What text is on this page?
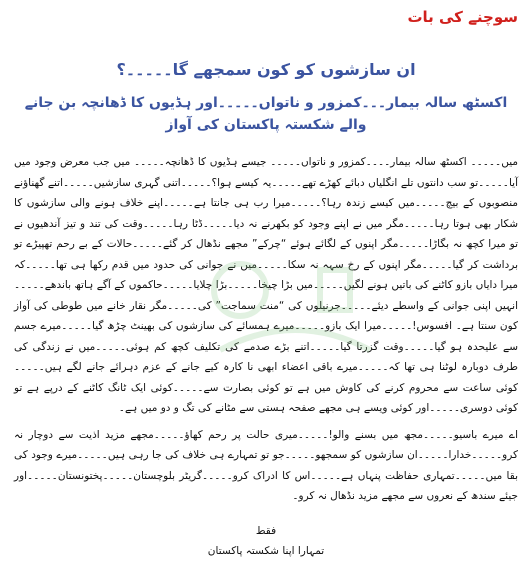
سوچنے کی بات
ان سازشوں کو کون سمجھے گا۔۔۔۔۔؟
اکسٹھ سالہ بیمار۔۔۔کمزور و ناتواں۔۔۔۔۔اور ہڈیوں کا ڈھانچہ بن جانے والے شکستہ پاکستان کی آواز
میں۔۔۔۔۔ اکسٹھ سالہ بیمار۔۔۔۔کمزور و ناتواں۔۔۔۔۔ جیسے ہڈیوں کا ڈھانچہ۔۔۔۔۔ میں جب معرض وجود میں آیا۔۔۔۔۔تو سب دانتوں تلے انگلیاں دبائے کھڑے تھے۔۔۔۔۔یہ کیسے ہوا؟۔۔۔۔۔اتنی گہری سازشیں۔۔۔۔۔اتنے گھناؤنے منصوبوں کے بیچ۔۔۔۔۔میں کیسے زندہ رہا؟۔۔۔۔۔میرا رب ہی جانتا ہے۔۔۔۔۔اپنے خلاف ہونے والی سازشوں کا شکار بھی ہوتا رہا۔۔۔۔۔مگر میں نے اپنے وجود کو بکھرنے نہ دیا۔۔۔۔۔ڈٹا رہا۔۔۔۔۔وقت کی تند و تیز آندھیوں نے تو میرا کچھ نہ بگاڑا۔۔۔۔۔مگر اپنوں کے لگائے ہوئے “چرکے” مجھے نڈھال کر گئے۔۔۔۔۔حالات کے بے رحم تھپیڑے تو برداشت کر گیا۔۔۔۔۔مگر اپنوں کے رخ سہہ نہ سکا۔۔۔۔۔میں نے جوانی کی حدود میں قدم رکھا ہی تھا۔۔۔۔۔کہ میرا دایاں بازو کاٹنے کی باتیں ہونے لگیں۔۔۔۔۔میں بڑا چیخا۔۔۔۔۔بڑا چلایا۔۔۔۔۔حاکموں کے آگے ہاتھ باندھے۔۔۔۔۔انہیں اپنی جوانی کے واسطے دیئے۔۔۔۔۔جرنیلوں کی “منت سماجت” کی۔۔۔۔۔مگر نقار خانے میں طوطی کی آواز کون سنتا ہے۔ افسوس!۔۔۔۔۔میرا ایک بازو۔۔۔۔۔میرے ہمسائے کی سازشوں کی بھینٹ چڑھ گیا۔۔۔۔۔میرے جسم سے علیحدہ ہو گیا۔۔۔۔۔وقت گزرتا گیا۔۔۔۔۔اتنے بڑے صدمے کی تکلیف کچھ کم ہوئی۔۔۔۔۔میں نے زندگی کی طرف دوبارہ لوٹنا ہی تھا کہ۔۔۔۔۔میرے باقی اعضاء ابھی نا کارہ کیے جانے کے عزم دہرائے جانے لگے ہیں۔۔۔۔۔کوئی ساعت سے محروم کرنے کی کاوش میں ہے تو کوئی بصارت سے۔۔۔۔۔کوئی ایک ٹانگ کاٹنے کے درپے ہے تو کوئی دوسری۔۔۔۔۔اور کوئی ویسے ہی مجھے صفحہ ہستی سے مٹانے کی تگ و دو میں ہے۔
اے میرے باسیو۔۔۔۔۔مجھ میں بسنے والو!۔۔۔۔۔میری حالت پر رحم کھاؤ۔۔۔۔۔مجھے مزید اذیت سے دوچار نہ کرو۔۔۔۔۔خدارا۔۔۔۔۔ان سازشوں کو سمجھو۔۔۔۔۔جو تو تمہارے ہی خلاف کی جا رہی ہیں۔۔۔۔۔میرے وجود کی بقا میں۔۔۔۔۔تمہاری حفاظت پنہاں ہے۔۔۔۔۔اس کا ادراک کرو۔۔۔۔۔گریٹر بلوچستان۔۔۔۔۔پختونستان۔۔۔۔۔اور جیئے سندھ کے نعروں سے مجھے مزید نڈھال نہ کرو۔
فقط
تمہارا اپنا شکستہ پاکستان
